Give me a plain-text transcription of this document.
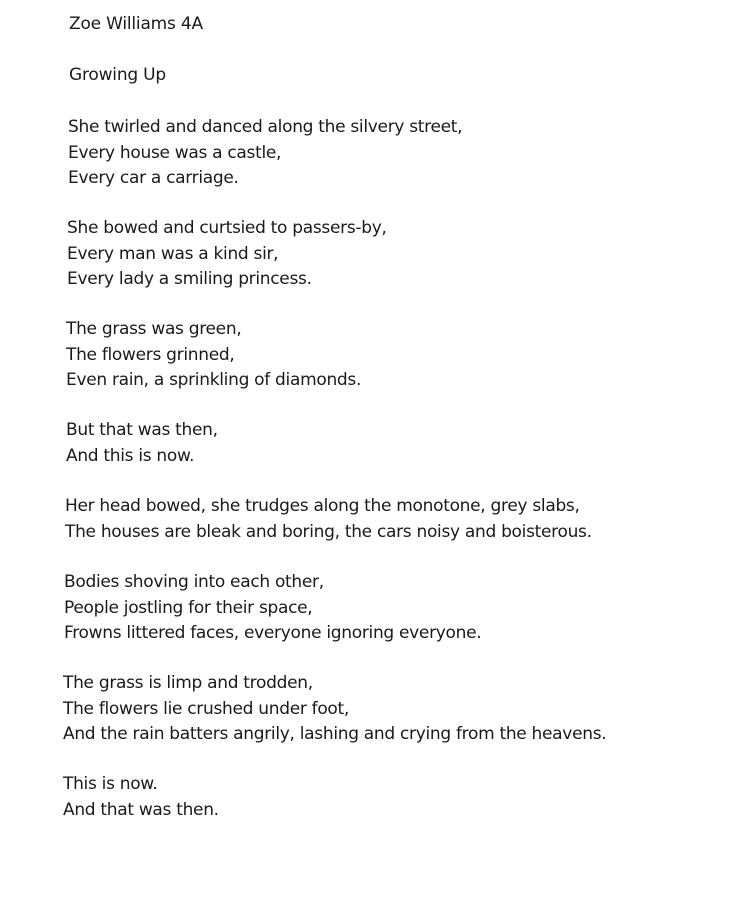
Zoe Williams 4A
Growing Up
She twirled and danced along the silvery street,
Every house was a castle,
Every car a carriage.
She bowed and curtsied to passers-by,
Every man was a kind sir,
Every lady a smiling princess.
The grass was green,
The flowers grinned,
Even rain, a sprinkling of diamonds.
But that was then,
And this is now.
Her head bowed, she trudges along the monotone, grey slabs,
The houses are bleak and boring, the cars noisy and boisterous.
Bodies shoving into each other,
People jostling for their space,
Frowns littered faces, everyone ignoring everyone.
The grass is limp and trodden,
The flowers lie crushed under foot,
And the rain batters angrily, lashing and crying from the heavens.
This is now.
And that was then.
